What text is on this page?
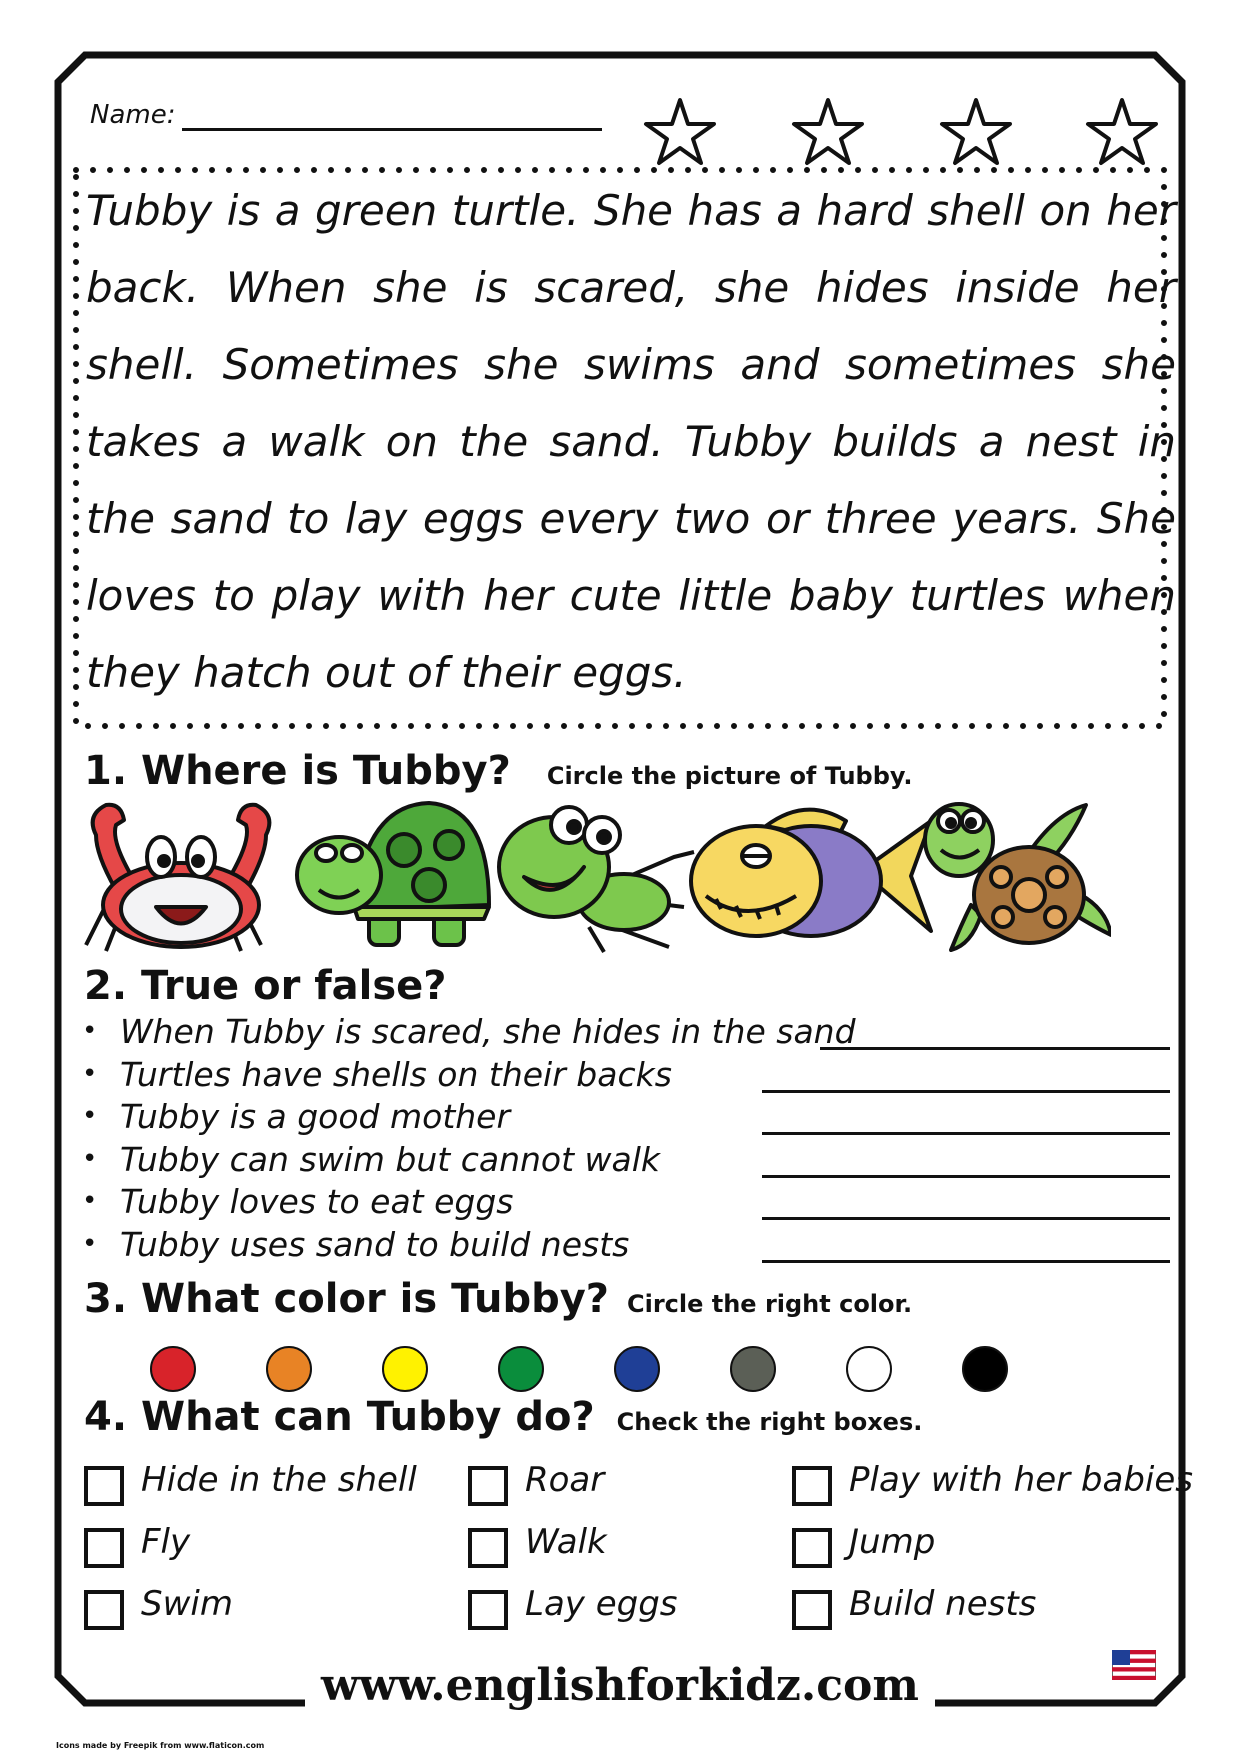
Name:

Tubby is a green turtle. She has a hard shell on her back. When she is scared, she hides inside her shell. Sometimes she swims and sometimes she takes a walk on the sand. Tubby builds a nest in the sand to lay eggs every two or three years. She loves to play with her cute little baby turtles when they hatch out of their eggs.

1. Where is Tubby? Circle the picture of Tubby.
2. True or false?
• When Tubby is scared, she hides in the sand
• Turtles have shells on their backs
• Tubby is a good mother
• Tubby can swim but cannot walk
• Tubby loves to eat eggs
• Tubby uses sand to build nests
3. What color is Tubby? Circle the right color.
4. What can Tubby do? Check the right boxes.
Hide in the shell	Roar	Play with her babies
Fly	Walk	Jump
Swim	Lay eggs	Build nests
www.englishforkidz.com
Icons made by Freepik from www.flaticon.com
